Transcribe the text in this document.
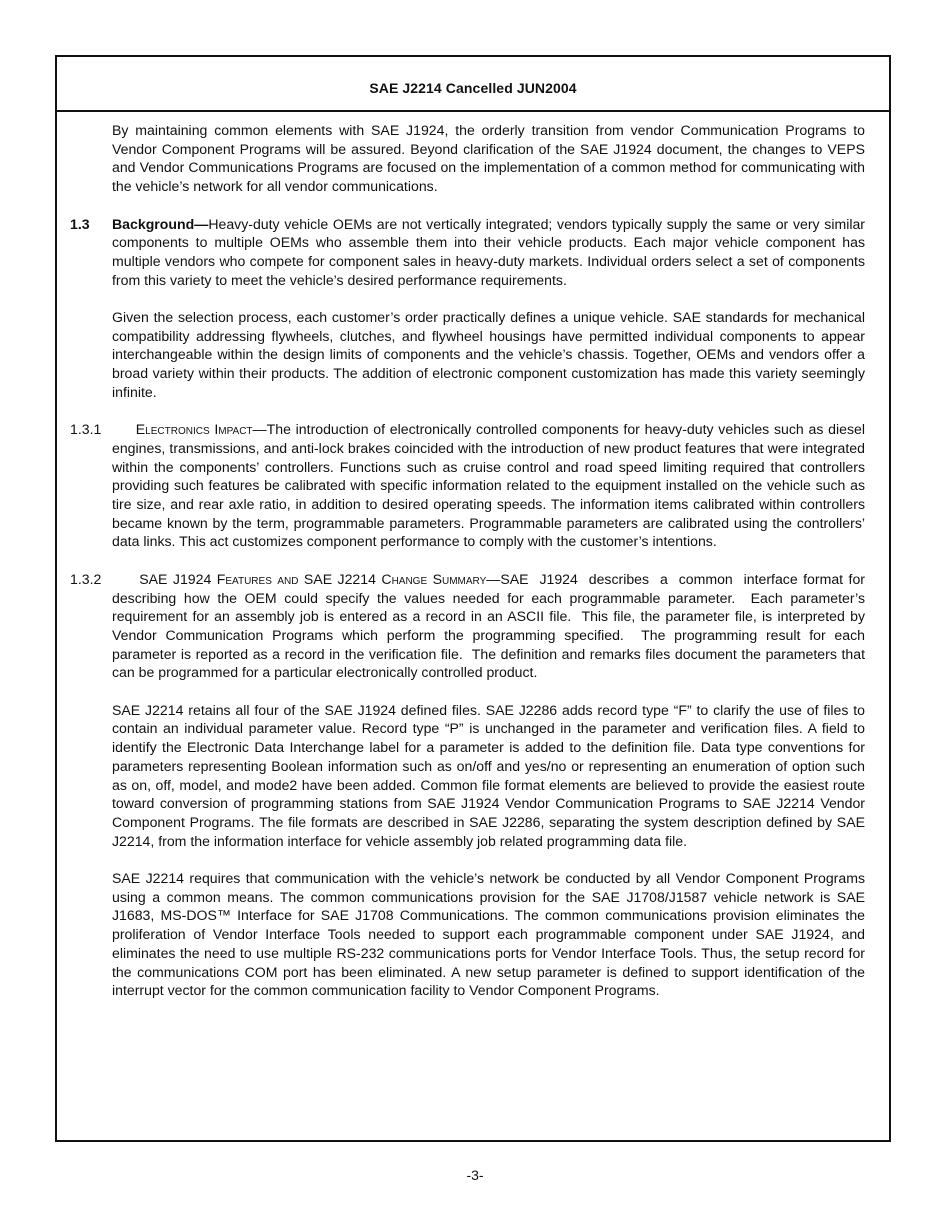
SAE J2214 Cancelled JUN2004

By maintaining common elements with SAE J1924, the orderly transition from vendor Communication Programs to Vendor Component Programs will be assured. Beyond clarification of the SAE J1924 document, the changes to VEPS and Vendor Communications Programs are focused on the implementation of a common method for communicating with the vehicle’s network for all vendor communications.

1.3 Background—Heavy-duty vehicle OEMs are not vertically integrated; vendors typically supply the same or very similar components to multiple OEMs who assemble them into their vehicle products. Each major vehicle component has multiple vendors who compete for component sales in heavy-duty markets. Individual orders select a set of components from this variety to meet the vehicle’s desired performance requirements.

Given the selection process, each customer’s order practically defines a unique vehicle. SAE standards for mechanical compatibility addressing flywheels, clutches, and flywheel housings have permitted individual components to appear interchangeable within the design limits of components and the vehicle’s chassis. Together, OEMs and vendors offer a broad variety within their products. The addition of electronic component customization has made this variety seemingly infinite.

1.3.1	Electronics Impact—The introduction of electronically controlled components for heavy-duty vehicles such as diesel engines, transmissions, and anti-lock brakes coincided with the introduction of new product features that were integrated within the components’ controllers. Functions such as cruise control and road speed limiting required that controllers providing such features be calibrated with specific information related to the equipment installed on the vehicle such as tire size, and rear axle ratio, in addition to desired operating speeds. The information items calibrated within controllers became known by the term, programmable parameters. Programmable parameters are calibrated using the controllers’ data links. This act customizes component performance to comply with the customer’s intentions.

1.3.2	SAE J1924 Features and SAE J2214 Change Summary—SAE  J1924  describes  a  common  interface format for describing how the OEM could specify the values needed for each programmable parameter.  Each parameter’s requirement for an assembly job is entered as a record in an ASCII file.  This file, the parameter file, is interpreted by Vendor Communication Programs which perform the programming specified.  The programming result for each parameter is reported as a record in the verification file.  The definition and remarks files document the parameters that can be programmed for a particular electronically controlled product.

SAE J2214 retains all four of the SAE J1924 defined files. SAE J2286 adds record type “F” to clarify the use of files to contain an individual parameter value. Record type “P” is unchanged in the parameter and verification files. A field to identify the Electronic Data Interchange label for a parameter is added to the definition file. Data type conventions for parameters representing Boolean information such as on/off and yes/no or representing an enumeration of option such as on, off, model, and mode2 have been added. Common file format elements are believed to provide the easiest route toward conversion of programming stations from SAE J1924 Vendor Communication Programs to SAE J2214 Vendor Component Programs. The file formats are described in SAE J2286, separating the system description defined by SAE J2214, from the information interface for vehicle assembly job related programming data file.

SAE J2214 requires that communication with the vehicle’s network be conducted by all Vendor Component Programs using a common means. The common communications provision for the SAE J1708/J1587 vehicle network is SAE J1683, MS-DOS™ Interface for SAE J1708 Communications. The common communications provision eliminates the proliferation of Vendor Interface Tools needed to support each programmable component under SAE J1924, and eliminates the need to use multiple RS-232 communications ports for Vendor Interface Tools. Thus, the setup record for the communications COM port has been eliminated. A new setup parameter is defined to support identification of the interrupt vector for the common communication facility to Vendor Component Programs.

-3-
